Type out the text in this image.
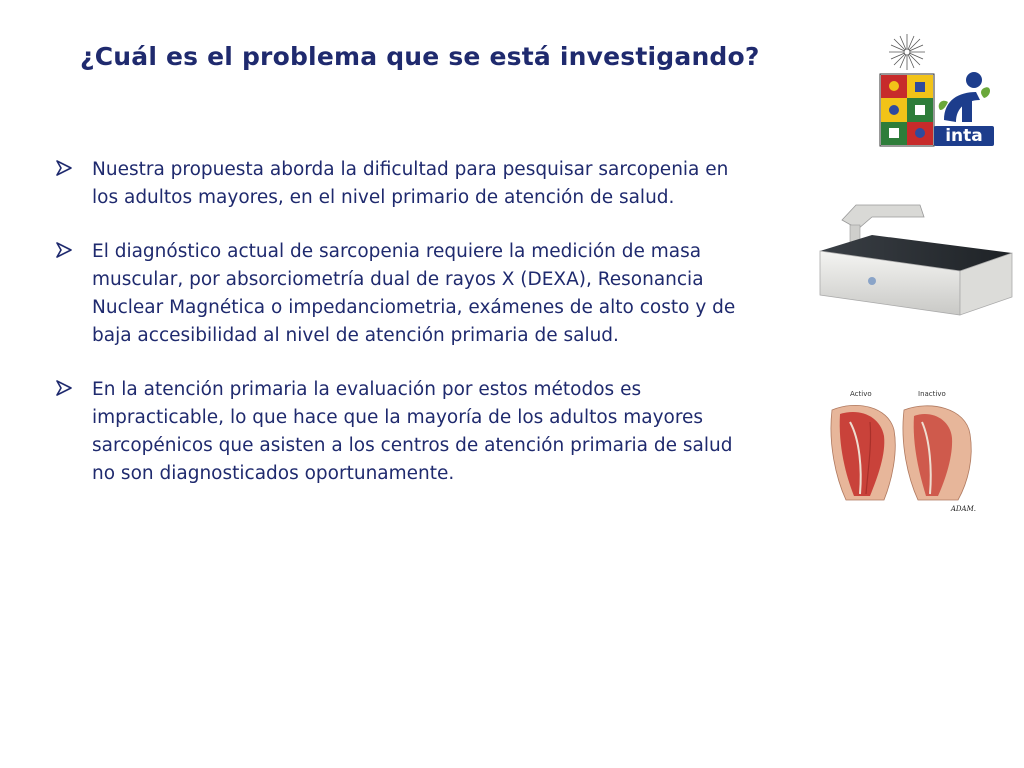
¿Cuál es el problema que se está investigando?
inta
Nuestra propuesta aborda la dificultad para pesquisar sarcopenia en
los adultos mayores, en el nivel primario de atención de salud.
El diagnóstico actual de sarcopenia requiere la medición de masa
muscular, por absorciometría dual de rayos X (DEXA), Resonancia
Nuclear Magnética o impedanciometria, exámenes de alto costo y de
baja accesibilidad al nivel de atención primaria de salud.
En la atención primaria la evaluación por estos métodos es
impracticable, lo que hace que la mayoría de los adultos mayores
sarcopénicos que asisten a los centros de atención primaria de salud
no son diagnosticados oportunamente.
Activo	Inactivo
ADAM.
